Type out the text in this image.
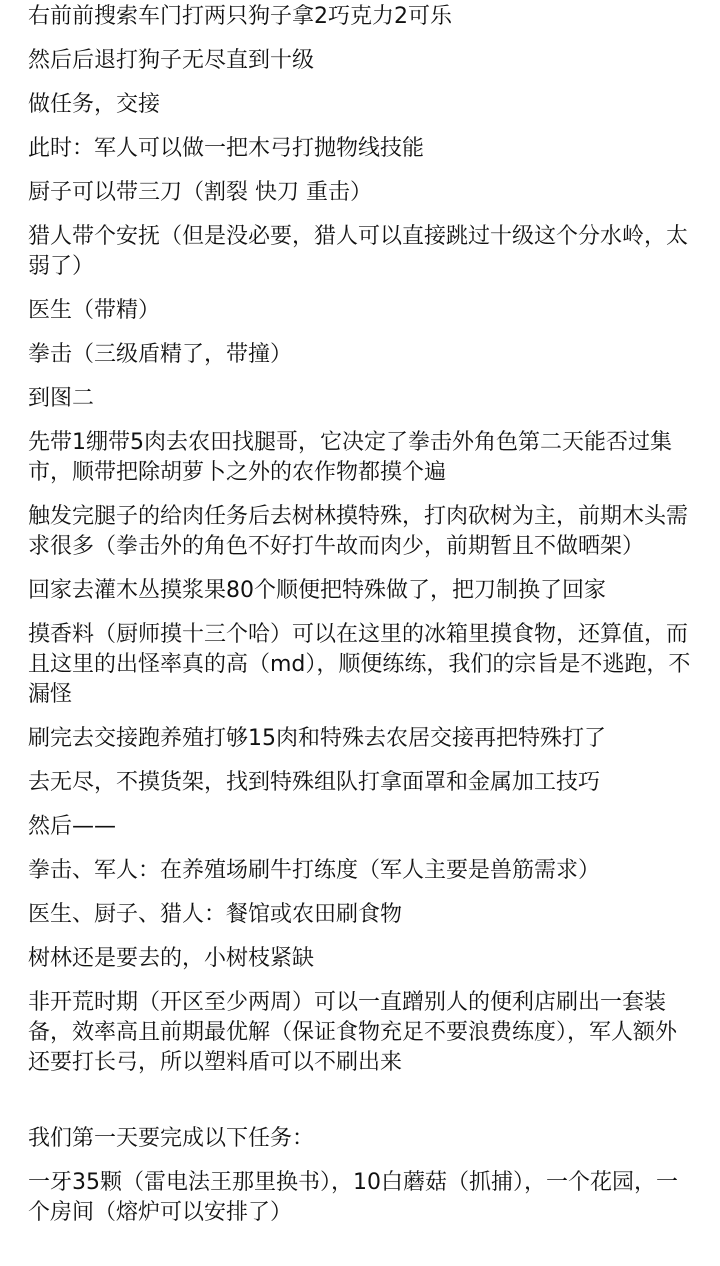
右前前搜索车门打两只狗子拿2巧克力2可乐

然后后退打狗子无尽直到十级

做任务，交接

此时：军人可以做一把木弓打抛物线技能

厨子可以带三刀（割裂 快刀 重击）

猎人带个安抚（但是没必要，猎人可以直接跳过十级这个分水岭，太弱了）

医生（带精）

拳击（三级盾精了，带撞）

到图二

先带1绷带5肉去农田找腿哥，它决定了拳击外角色第二天能否过集市，顺带把除胡萝卜之外的农作物都摸个遍

触发完腿子的给肉任务后去树林摸特殊，打肉砍树为主，前期木头需求很多（拳击外的角色不好打牛故而肉少，前期暂且不做晒架）

回家去灌木丛摸浆果80个顺便把特殊做了，把刀制换了回家

摸香料（厨师摸十三个哈）可以在这里的冰箱里摸食物，还算值，而且这里的出怪率真的高（md），顺便练练，我们的宗旨是不逃跑，不漏怪

刷完去交接跑养殖打够15肉和特殊去农居交接再把特殊打了

去无尽，不摸货架，找到特殊组队打拿面罩和金属加工技巧

然后——

拳击、军人：在养殖场刷牛打练度（军人主要是兽筋需求）

医生、厨子、猎人：餐馆或农田刷食物

树林还是要去的，小树枝紧缺

非开荒时期（开区至少两周）可以一直蹭别人的便利店刷出一套装备，效率高且前期最优解（保证食物充足不要浪费练度），军人额外还要打长弓，所以塑料盾可以不刷出来

我们第一天要完成以下任务：

一牙35颗（雷电法王那里换书），10白蘑菇（抓捕），一个花园，一个房间（熔炉可以安排了）
